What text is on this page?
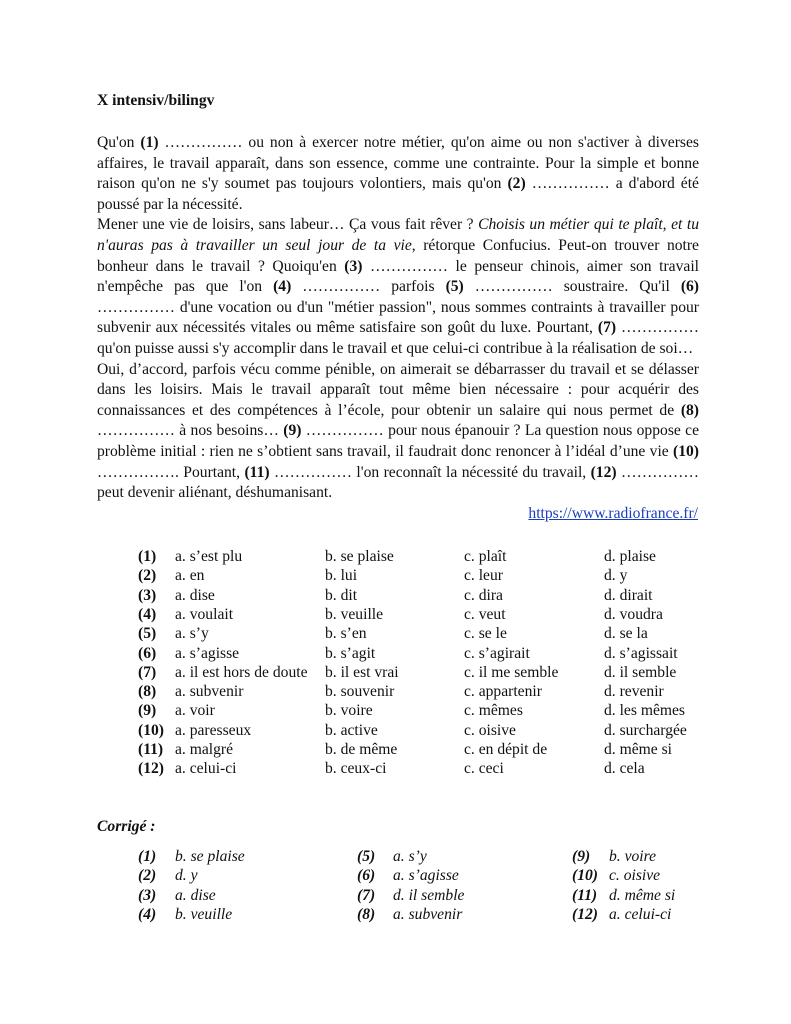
X intensiv/bilingv

Qu'on (1) …………… ou non à exercer notre métier, qu'on aime ou non s'activer à diverses affaires, le travail apparaît, dans son essence, comme une contrainte. Pour la simple et bonne raison qu'on ne s'y soumet pas toujours volontiers, mais qu'on (2) …………… a d'abord été poussé par la nécessité.

Mener une vie de loisirs, sans labeur… Ça vous fait rêver ? Choisis un métier qui te plaît, et tu n'auras pas à travailler un seul jour de ta vie, rétorque Confucius. Peut-on trouver notre bonheur dans le travail ? Quoiqu'en (3) …………… le penseur chinois, aimer son travail n'empêche pas que l'on (4) …………… parfois (5) …………… soustraire. Qu'il (6) …………… d'une vocation ou d'un "métier passion", nous sommes contraints à travailler pour subvenir aux nécessités vitales ou même satisfaire son goût du luxe. Pourtant, (7) …………… qu'on puisse aussi s'y accomplir dans le travail et que celui-ci contribue à la réalisation de soi…

Oui, d’accord, parfois vécu comme pénible, on aimerait se débarrasser du travail et se délasser dans les loisirs. Mais le travail apparaît tout même bien nécessaire : pour acquérir des connaissances et des compétences à l’école, pour obtenir un salaire qui nous permet de (8) …………… à nos besoins… (9) …………… pour nous épanouir ? La question nous oppose ce problème initial : rien ne s’obtient sans travail, il faudrait donc renoncer à l’idéal d’une vie (10) ……………. Pourtant, (11) …………… l'on reconnaît la nécessité du travail, (12) …………… peut devenir aliénant, déshumanisant.

https://www.radiofrance.fr/
(1) a. s’est plu	b. se plaise	c. plaît	d. plaise
(2) a. en	b. lui	c. leur	d. y
(3) a. dise	b. dit	c. dira	d. dirait
(4) a. voulait	b. veuille	c. veut	d. voudra
(5) a. s’y	b. s’en	c. se le	d. se la
(6) a. s’agisse	b. s’agit	c. s’agirait	d. s’agissait
(7) a. il est hors de doute b. il est vrai	c. il me semble	d. il semble
(8) a. subvenir	b. souvenir	c. appartenir	d. revenir
(9) a. voir	b. voire	c. mêmes	d. les mêmes
(10) a. paresseux	b. active	c. oisive	d. surchargée
(11) a. malgré	b. de même	c. en dépit de	d. même si
(12) a. celui-ci	b. ceux-ci	c. ceci	d. cela
Corrigé :
(1) b. se plaise
(2) d. y
(3) a. dise
(4) b. veuille
(5) a. s’y
(6) a. s’agisse
(7) d. il semble
(8) a. subvenir
(9) b. voire
(10) c. oisive
(11) d. même si
(12) a. celui-ci
